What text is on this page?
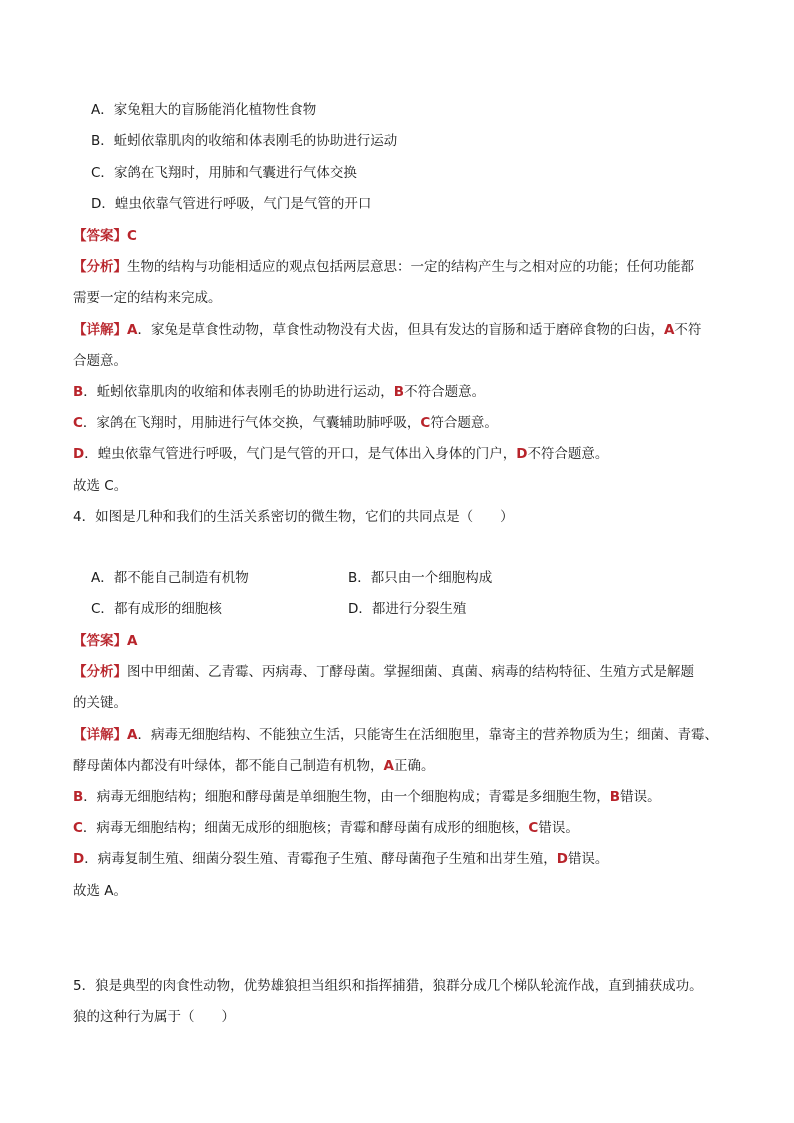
A．家兔粗大的盲肠能消化植物性食物
B．蚯蚓依靠肌肉的收缩和体表刚毛的协助进行运动
C．家鸽在飞翔时，用肺和气囊进行气体交换
D．蝗虫依靠气管进行呼吸，气门是气管的开口
【答案】C
【分析】生物的结构与功能相适应的观点包括两层意思：一定的结构产生与之相对应的功能；任何功能都
需要一定的结构来完成。
【详解】A．家兔是草食性动物，草食性动物没有犬齿，但具有发达的盲肠和适于磨碎食物的臼齿，A不符
合题意。
B．蚯蚓依靠肌肉的收缩和体表刚毛的协助进行运动，B不符合题意。
C．家鸽在飞翔时，用肺进行气体交换，气囊辅助肺呼吸，C符合题意。
D．蝗虫依靠气管进行呼吸，气门是气管的开口，是气体出入身体的门户，D不符合题意。
故选 C。
4．如图是几种和我们的生活关系密切的微生物，它们的共同点是（　　）
A．都不能自己制造有机物	B．都只由一个细胞构成
C．都有成形的细胞核	D．都进行分裂生殖
【答案】A
【分析】图中甲细菌、乙青霉、丙病毒、丁酵母菌。掌握细菌、真菌、病毒的结构特征、生殖方式是解题
的关键。
【详解】A．病毒无细胞结构、不能独立生活，只能寄生在活细胞里，靠寄主的营养物质为生；细菌、青霉、
酵母菌体内都没有叶绿体，都不能自己制造有机物，A正确。
B．病毒无细胞结构；细胞和酵母菌是单细胞生物，由一个细胞构成；青霉是多细胞生物，B错误。
C．病毒无细胞结构；细菌无成形的细胞核；青霉和酵母菌有成形的细胞核，C错误。
D．病毒复制生殖、细菌分裂生殖、青霉孢子生殖、酵母菌孢子生殖和出芽生殖，D错误。
故选 A。
5．狼是典型的肉食性动物，优势雄狼担当组织和指挥捕猎，狼群分成几个梯队轮流作战，直到捕获成功。
狼的这种行为属于（　　）
